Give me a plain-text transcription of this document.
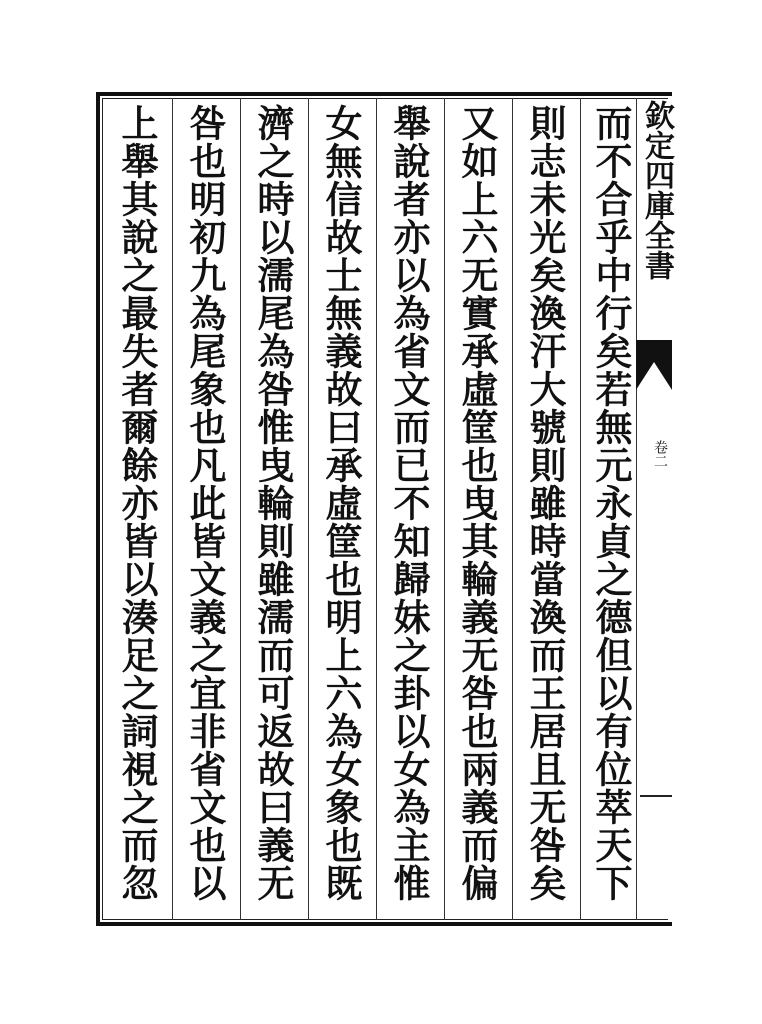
而不合乎中行矣若無元永貞之德但以有位萃天下
則志未光矣渙汗大號則雖時當渙而王居且无咎矣
又如上六无實承虛筐也曳其輪義无咎也兩義而偏
舉說者亦以為省文而已不知歸妹之卦以女為主惟
女無信故士無義故曰承虛筐也明上六為女象也既
濟之時以濡尾為咎惟曳輪則雖濡而可返故曰義无
咎也明初九為尾象也凡此皆文義之宜非省文也以
上舉其說之最失者爾餘亦皆以湊足之詞視之而忽	欽定四庫全書
卷二
